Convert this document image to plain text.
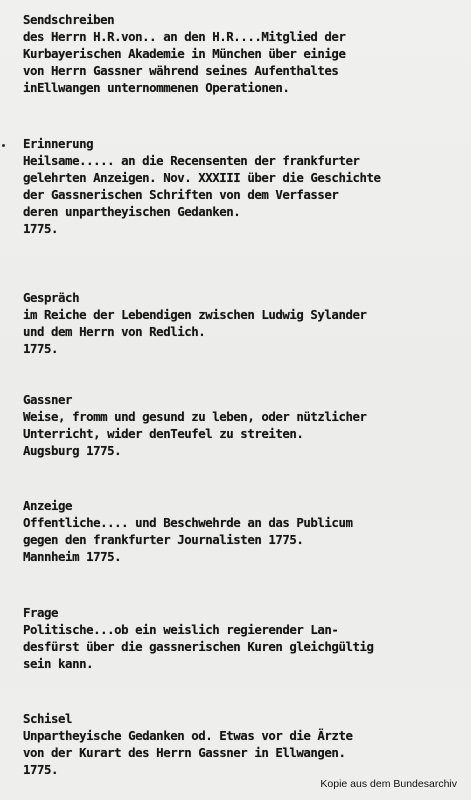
Sendschreiben
des Herrn H.R.von.. an den H.R....Mitglied der
Kurbayerischen Akademie in München über einige
von Herrn Gassner während seines Aufenthaltes
inEllwangen unternommenen Operationen.
Erinnerung
Heilsame..... an die Recensenten der frankfurter
gelehrten Anzeigen. Nov. XXXIII über die Geschichte
der Gassnerischen Schriften von dem Verfasser
deren unpartheyischen Gedanken.
1775.
Gespräch
im Reiche der Lebendigen zwischen Ludwig Sylander
und dem Herrn von Redlich.
1775.
Gassner
Weise, fromm und gesund zu leben, oder nützlicher
Unterricht, wider denTeufel zu streiten.
Augsburg 1775.
Anzeige
Offentliche.... und Beschwehrde an das Publicum
gegen den frankfurter Journalisten 1775.
Mannheim 1775.
Frage
Politische...ob ein weislich regierender Lan-
desfürst über die gassnerischen Kuren gleichgültig
sein kann.
Schisel
Unpartheyische Gedanken od. Etwas vor die Ärzte
von der Kurart des Herrn Gassner in Ellwangen.
1775.
Kopie aus dem Bundesarchiv
